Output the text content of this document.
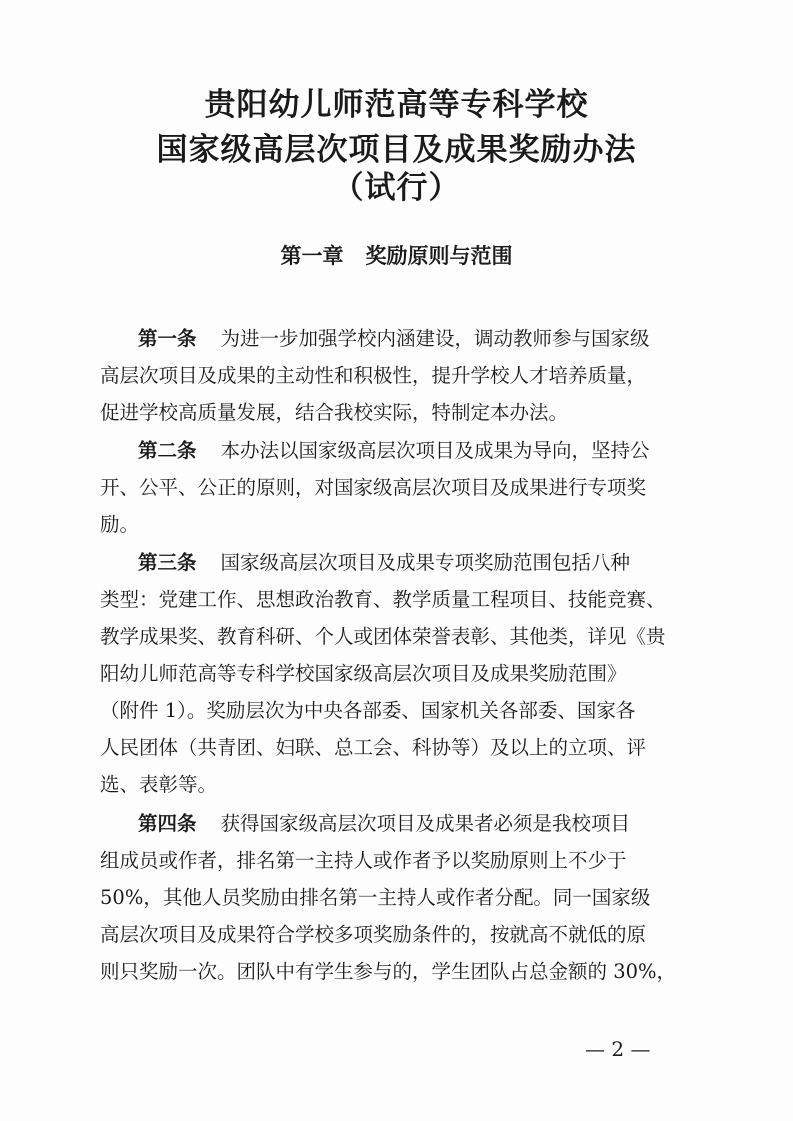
贵阳幼儿师范高等专科学校
国家级高层次项目及成果奖励办法
（试行）
第一章 奖励原则与范围
第一条 为进一步加强学校内涵建设，调动教师参与国家级
高层次项目及成果的主动性和积极性，提升学校人才培养质量，
促进学校高质量发展，结合我校实际，特制定本办法。
第二条 本办法以国家级高层次项目及成果为导向，坚持公
开、公平、公正的原则，对国家级高层次项目及成果进行专项奖
励。
第三条 国家级高层次项目及成果专项奖励范围包括八种
类型：党建工作、思想政治教育、教学质量工程项目、技能竞赛、
教学成果奖、教育科研、个人或团体荣誉表彰、其他类，详见《贵
阳幼儿师范高等专科学校国家级高层次项目及成果奖励范围》
（附件 1）。奖励层次为中央各部委、国家机关各部委、国家各
人民团体（共青团、妇联、总工会、科协等）及以上的立项、评
选、表彰等。
第四条 获得国家级高层次项目及成果者必须是我校项目
组成员或作者，排名第一主持人或作者予以奖励原则上不少于
50%，其他人员奖励由排名第一主持人或作者分配。同一国家级
高层次项目及成果符合学校多项奖励条件的，按就高不就低的原
则只奖励一次。团队中有学生参与的，学生团队占总金额的 30%，
— 2 —
